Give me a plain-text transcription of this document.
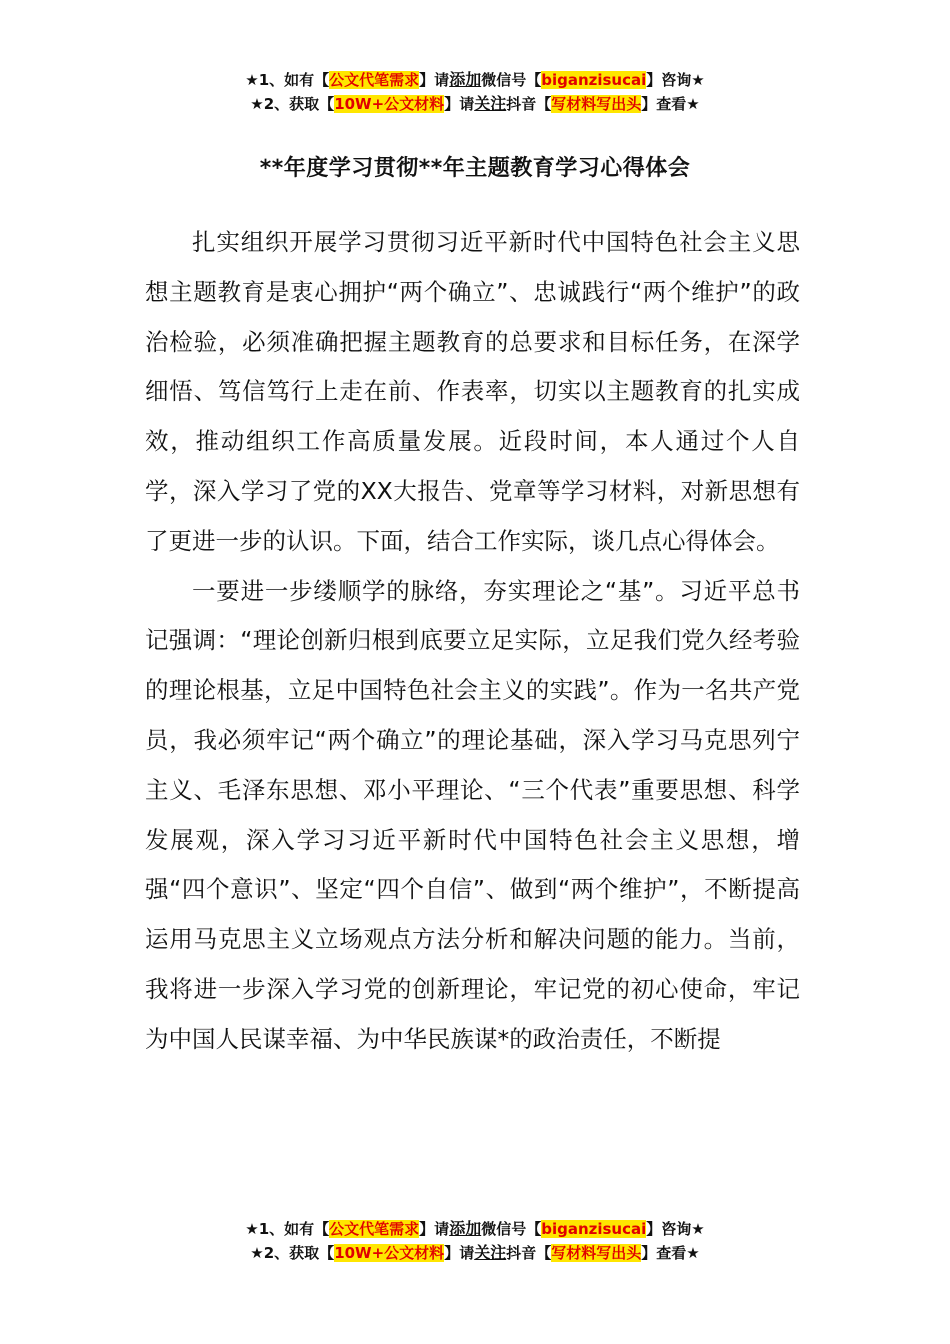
★1、如有【公文代笔需求】请添加微信号【biganzisucai】咨询★
★2、获取【10W+公文材料】请关注抖音【写材料写出头】查看★
**年度学习贯彻**年主题教育学习心得体会

扎实组织开展学习贯彻习近平新时代中国特色社会主义思想主题教育是衷心拥护“两个确立”、忠诚践行“两个维护”的政治检验，必须准确把握主题教育的总要求和目标任务，在深学细悟、笃信笃行上走在前、作表率，切实以主题教育的扎实成效，推动组织工作高质量发展。近段时间，本人通过个人自学，深入学习了党的XX大报告、党章等学习材料，对新思想有了更进一步的认识。下面，结合工作实际，谈几点心得体会。

一要进一步缕顺学的脉络，夯实理论之“基”。习近平总书记强调：“理论创新归根到底要立足实际，立足我们党久经考验的理论根基，立足中国特色社会主义的实践”。作为一名共产党员，我必须牢记“两个确立”的理论基础，深入学习马克思列宁主义、毛泽东思想、邓小平理论、“三个代表”重要思想、科学发展观，深入学习习近平新时代中国特色社会主义思想，增强“四个意识”、坚定“四个自信”、做到“两个维护”，不断提高运用马克思主义立场观点方法分析和解决问题的能力。当前，我将进一步深入学习党的创新理论，牢记党的初心使命，牢记为中国人民谋幸福、为中华民族谋*的政治责任，不断提

★1、如有【公文代笔需求】请添加微信号【biganzisucai】咨询★
★2、获取【10W+公文材料】请关注抖音【写材料写出头】查看★
